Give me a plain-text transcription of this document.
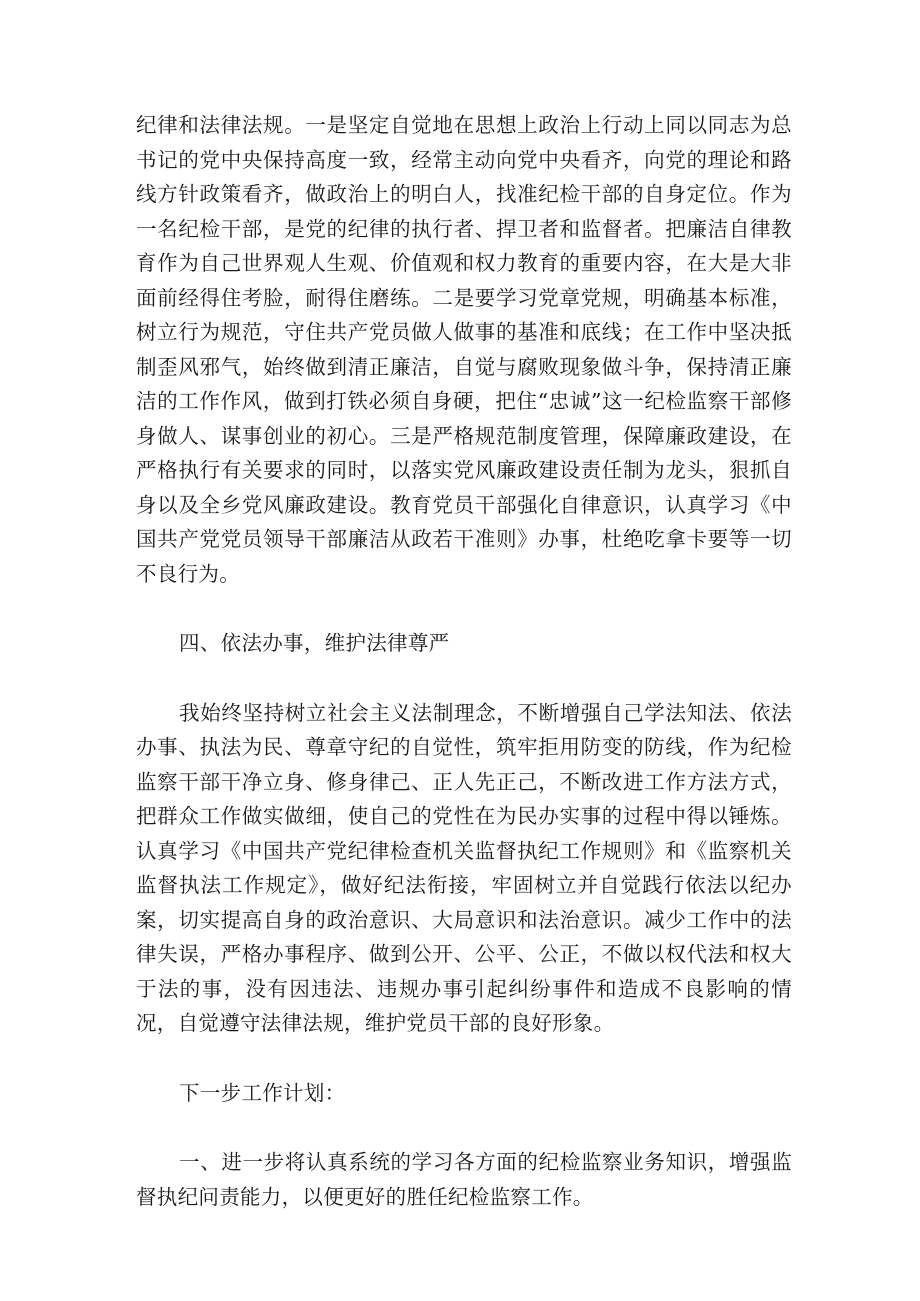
纪律和法律法规。一是坚定自觉地在思想上政治上行动上同以同志为总书记的党中央保持高度一致，经常主动向党中央看齐，向党的理论和路线方针政策看齐，做政治上的明白人，找准纪检干部的自身定位。作为一名纪检干部，是党的纪律的执行者、捍卫者和监督者。把廉洁自律教育作为自己世界观人生观、价值观和权力教育的重要内容，在大是大非面前经得住考脸，耐得住磨练。二是要学习党章党规，明确基本标准，树立行为规范，守住共产党员做人做事的基准和底线；在工作中坚决抵制歪风邪气，始终做到清正廉洁，自觉与腐败现象做斗争，保持清正廉洁的工作作风，做到打铁必须自身硬，把住“忠诚”这一纪检监察干部修身做人、谋事创业的初心。三是严格规范制度管理，保障廉政建设，在严格执行有关要求的同时，以落实党风廉政建设责任制为龙头，狠抓自身以及全乡党风廉政建设。教育党员干部强化自律意识，认真学习《中国共产党党员领导干部廉洁从政若干准则》办事，杜绝吃拿卡要等一切不良行为。

四、依法办事，维护法律尊严

我始终坚持树立社会主义法制理念，不断增强自己学法知法、依法办事、执法为民、尊章守纪的自觉性，筑牢拒用防变的防线，作为纪检监察干部干净立身、修身律己、正人先正己，不断改进工作方法方式，把群众工作做实做细，使自己的党性在为民办实事的过程中得以锤炼。认真学习《中国共产党纪律检查机关监督执纪工作规则》和《监察机关监督执法工作规定》，做好纪法衔接，牢固树立并自觉践行依法以纪办案，切实提高自身的政治意识、大局意识和法治意识。减少工作中的法律失误，严格办事程序、做到公开、公平、公正，不做以权代法和权大于法的事，没有因违法、违规办事引起纠纷事件和造成不良影响的情况，自觉遵守法律法规，维护党员干部的良好形象。

下一步工作计划：

一、进一步将认真系统的学习各方面的纪检监察业务知识，增强监督执纪问责能力，以便更好的胜任纪检监察工作。
